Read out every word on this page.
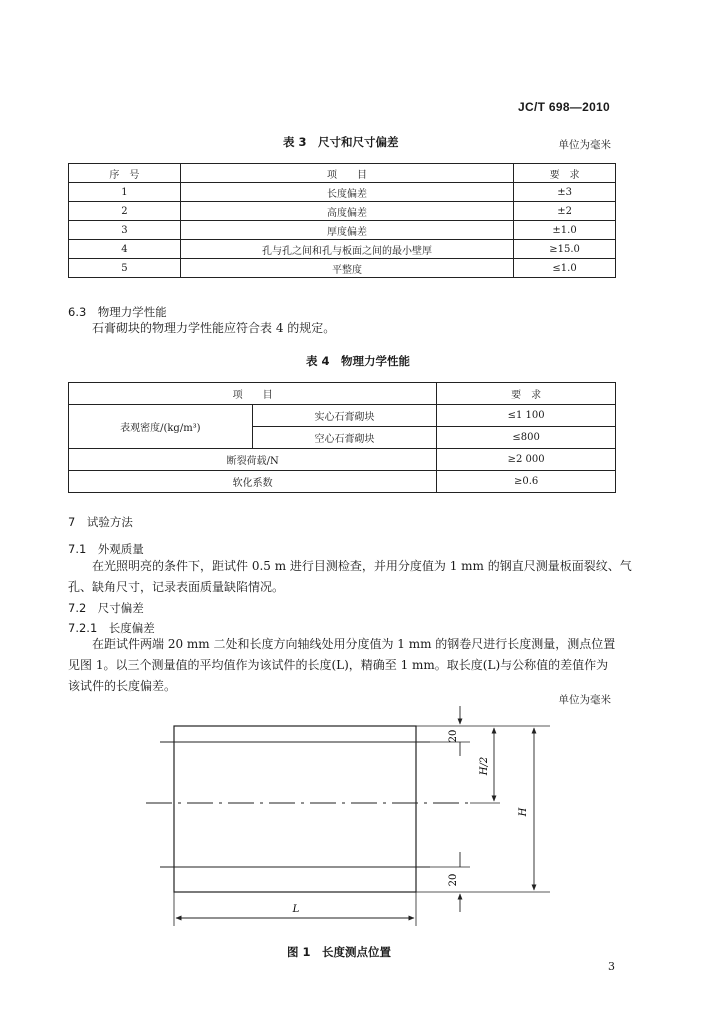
JC/T 698—2010
表 3　尺寸和尺寸偏差	单位为毫米
序　号	项　　目	要　求
1	长度偏差	±3
2	高度偏差	±2
3	厚度偏差	±1.0
4	孔与孔之间和孔与板面之间的最小壁厚	≥15.0
5	平整度	≤1.0
6.3　物理力学性能
石膏砌块的物理力学性能应符合表 4 的规定。
表 4　物理力学性能
项　　目		要　求
表观密度/(kg/m³)	实心石膏砌块	≤1 100
	空心石膏砌块	≤800
断裂荷载/N		≥2 000
软化系数		≥0.6
7　试验方法
7.1　外观质量
在光照明亮的条件下，距试件 0.5 m 进行目测检查，并用分度值为 1 mm 的钢直尺测量板面裂纹、气
孔、缺角尺寸，记录表面质量缺陷情况。
7.2　尺寸偏差
7.2.1　长度偏差
在距试件两端 20 mm 二处和长度方向轴线处用分度值为 1 mm 的钢卷尺进行长度测量，测点位置
见图 1。以三个测量值的平均值作为该试件的长度(L)，精确至 1 mm。取长度(L)与公称值的差值作为
该试件的长度偏差。
单位为毫米
20
H/2
H
20
L
图 1　长度测点位置
3
